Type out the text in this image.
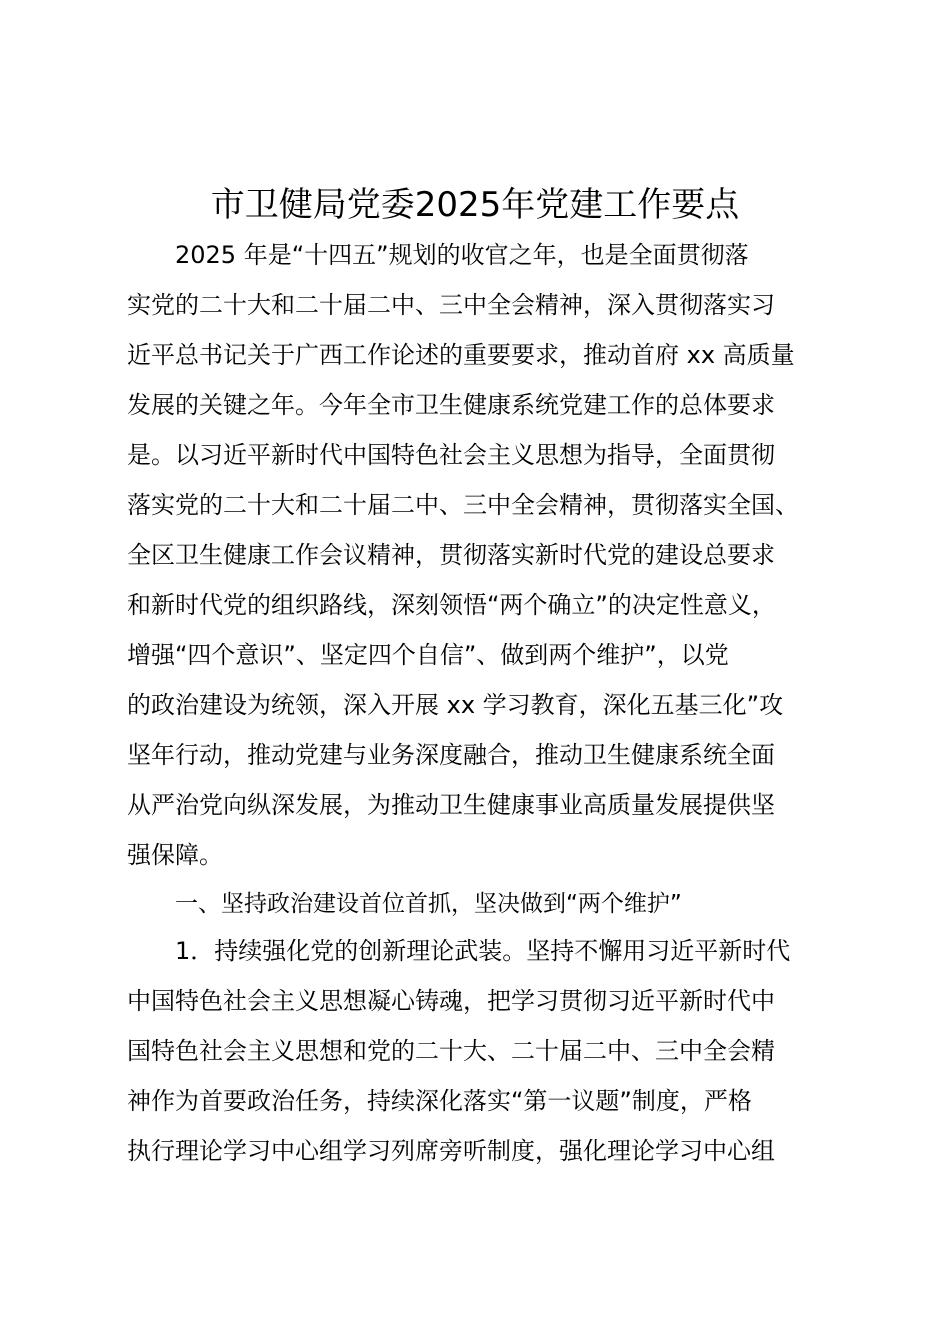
市卫健局党委2025年党建工作要点

2025 年是“十四五”规划的收官之年，也是全面贯彻落

实党的二十大和二十届二中、三中全会精神，深入贯彻落实习

近平总书记关于广西工作论述的重要要求，推动首府 xx 高质量

发展的关键之年。今年全市卫生健康系统党建工作的总体要求

是。以习近平新时代中国特色社会主义思想为指导，全面贯彻

落实党的二十大和二十届二中、三中全会精神，贯彻落实全国、

全区卫生健康工作会议精神，贯彻落实新时代党的建设总要求

和新时代党的组织路线，深刻领悟“两个确立”的决定性意义，

增强“四个意识”、坚定四个自信”、做到两个维护”，以党

的政治建设为统领，深入开展 xx 学习教育，深化五基三化”攻

坚年行动，推动党建与业务深度融合，推动卫生健康系统全面

从严治党向纵深发展，为推动卫生健康事业高质量发展提供坚

强保障。

一、坚持政治建设首位首抓，坚决做到“两个维护”

1．持续强化党的创新理论武装。坚持不懈用习近平新时代

中国特色社会主义思想凝心铸魂，把学习贯彻习近平新时代中

国特色社会主义思想和党的二十大、二十届二中、三中全会精

神作为首要政治任务，持续深化落实“第一议题”制度，严格

执行理论学习中心组学习列席旁听制度，强化理论学习中心组
